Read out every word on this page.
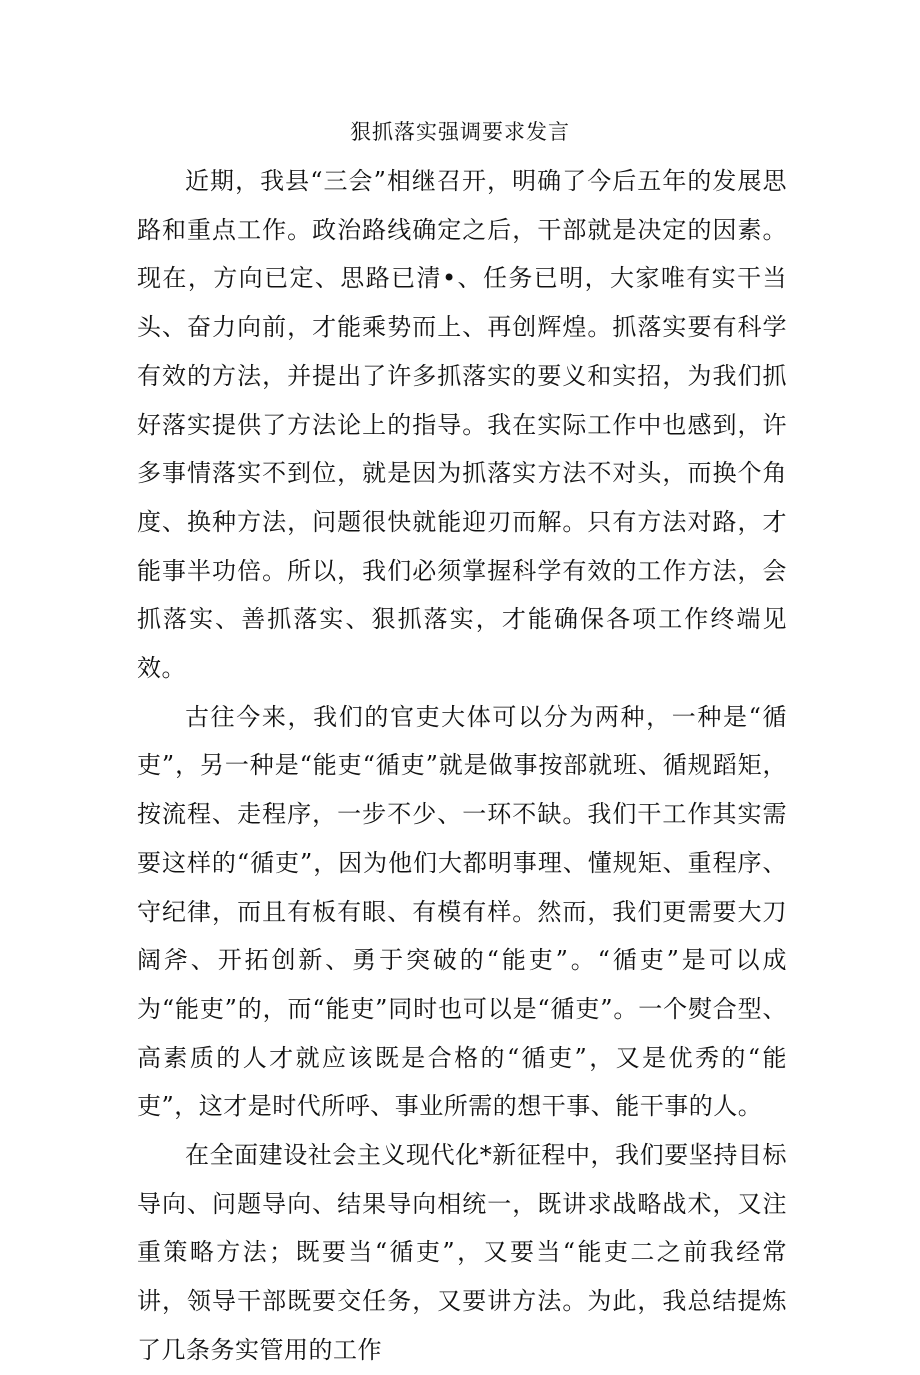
狠抓落实强调要求发言

近期，我县“三会”相继召开，明确了今后五年的发展思路和重点工作。政治路线确定之后，干部就是决定的因素。现在，方向已定、思路已清•、任务已明，大家唯有实干当头、奋力向前，才能乘势而上、再创辉煌。抓落实要有科学有效的方法，并提出了许多抓落实的要义和实招，为我们抓好落实提供了方法论上的指导。我在实际工作中也感到，许多事情落实不到位，就是因为抓落实方法不对头，而换个角度、换种方法，问题很快就能迎刃而解。只有方法对路，才能事半功倍。所以，我们必须掌握科学有效的工作方法，会抓落实、善抓落实、狠抓落实，才能确保各项工作终端见效。

古往今来，我们的官吏大体可以分为两种，一种是“循吏”，另一种是“能吏“循吏”就是做事按部就班、循规蹈矩，按流程、走程序，一步不少、一环不缺。我们干工作其实需要这样的“循吏”，因为他们大都明事理、懂规矩、重程序、守纪律，而且有板有眼、有模有样。然而，我们更需要大刀阔斧、开拓创新、勇于突破的“能吏”。“循吏”是可以成为“能吏”的，而“能吏”同时也可以是“循吏”。一个熨合型、高素质的人才就应该既是合格的“循吏”，又是优秀的“能吏”，这才是时代所呼、事业所需的想干事、能干事的人。

在全面建设社会主义现代化*新征程中，我们要坚持目标导向、问题导向、结果导向相统一，既讲求战略战术，又注重策略方法；既要当“循吏”，又要当“能吏二之前我经常讲，领导干部既要交任务，又要讲方法。为此，我总结提炼了几条务实管用的工作
